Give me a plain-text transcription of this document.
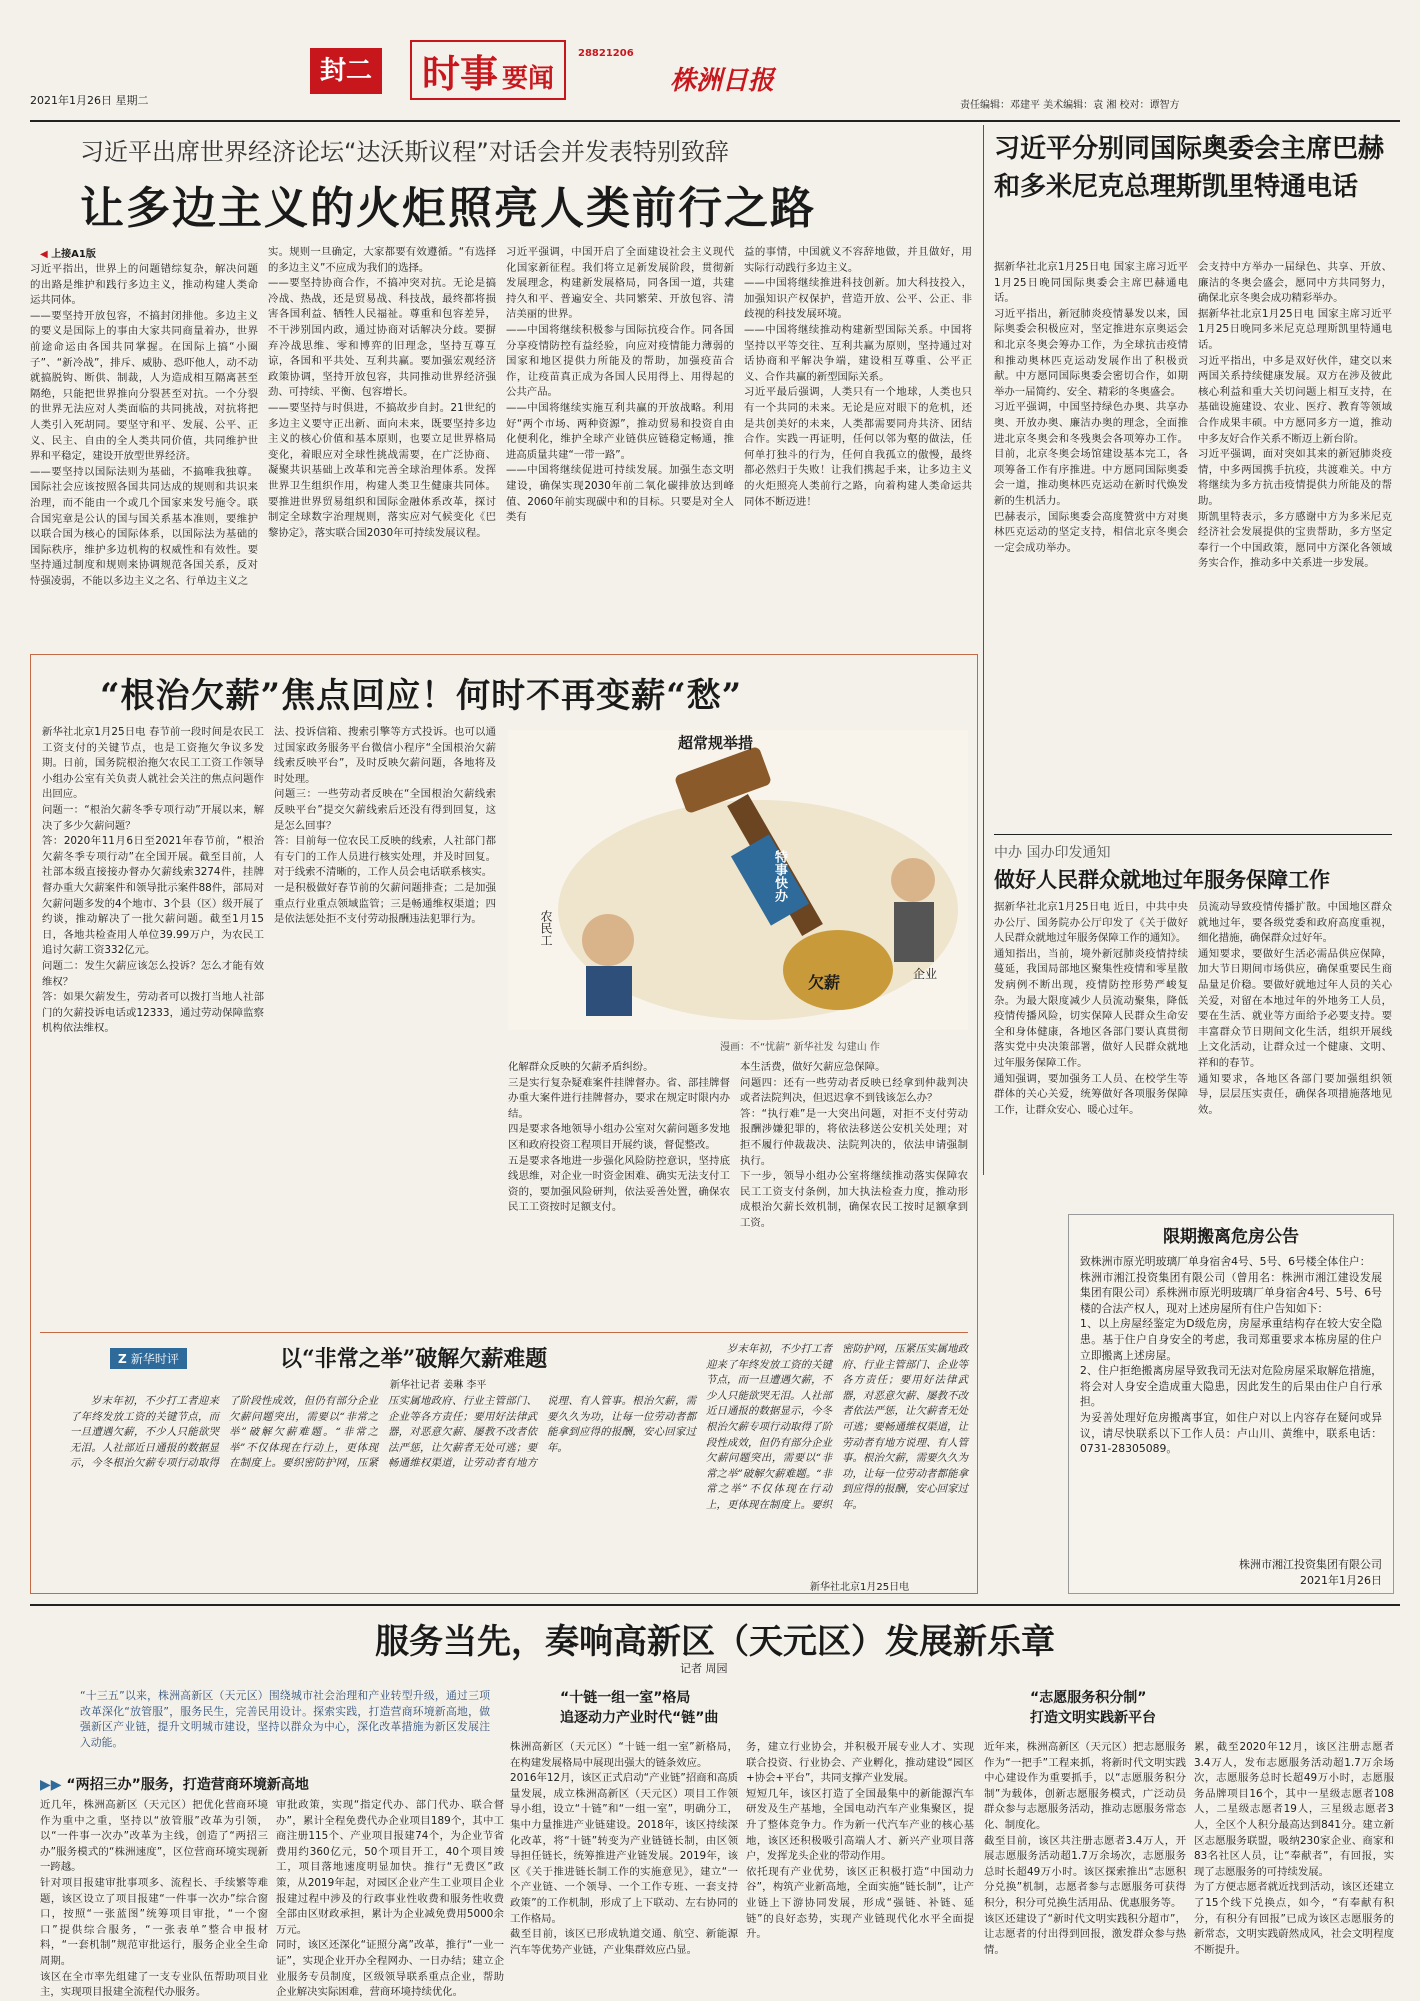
封二 时事 要闻
28821206
株洲日报
2021年1月26日 星期二	责任编辑：邓建平 美术编辑：袁 湘 校对：谭智方
习近平出席世界经济论坛“达沃斯议程”对话会并发表特别致辞
让多边主义的火炬照亮人类前行之路
◀ 上接A1版
习近平指出，世界上的问题错综复杂，解决问题的出路是维护和践行多边主义，推动构建人类命运共同体。
——要坚持开放包容，不搞封闭排他。多边主义的要义是国际上的事由大家共同商量着办，世界前途命运由各国共同掌握。在国际上搞“小圈子”、“新冷战”，排斥、威胁、恐吓他人，动不动就搞脱钩、断供、制裁，人为造成相互隔离甚至隔绝，只能把世界推向分裂甚至对抗。一个分裂的世界无法应对人类面临的共同挑战，对抗将把人类引入死胡同。要坚守和平、发展、公平、正义、民主、自由的全人类共同价值，共同维护世界和平稳定，建设开放型世界经济。
——要坚持以国际法则为基础，不搞唯我独尊。国际社会应该按照各国共同达成的规则和共识来治理，而不能由一个或几个国家来发号施令。联合国宪章是公认的国与国关系基本准则，要维护以联合国为核心的国际体系，以国际法为基础的国际秩序，维护多边机构的权威性和有效性。要坚持通过制度和规则来协调规范各国关系，反对恃强凌弱，不能以多边主义之名、行单边主义之
实。规则一旦确定，大家都要有效遵循。“有选择的多边主义”不应成为我们的选择。
——要坚持协商合作，不搞冲突对抗。无论是搞冷战、热战，还是贸易战、科技战，最终都将损害各国利益、牺牲人民福祉。尊重和包容差异，不干涉别国内政，通过协商对话解决分歧。要摒弃冷战思维、零和博弈的旧理念，坚持互尊互谅，各国和平共处、互利共赢。要加强宏观经济政策协调，坚持开放包容，共同推动世界经济强劲、可持续、平衡、包容增长。
——要坚持与时俱进，不搞故步自封。21世纪的多边主义要守正出新、面向未来，既要坚持多边主义的核心价值和基本原则，也要立足世界格局变化，着眼应对全球性挑战需要，在广泛协商、凝聚共识基础上改革和完善全球治理体系。发挥世界卫生组织作用，构建人类卫生健康共同体。要推进世界贸易组织和国际金融体系改革，探讨制定全球数字治理规则，落实应对气候变化《巴黎协定》，落实联合国2030年可持续发展议程。
习近平强调，中国开启了全面建设社会主义现代化国家新征程。我们将立足新发展阶段，贯彻新发展理念，构建新发展格局，同各国一道，共建持久和平、普遍安全、共同繁荣、开放包容、清洁美丽的世界。
——中国将继续积极参与国际抗疫合作。同各国分享疫情防控有益经验，向应对疫情能力薄弱的国家和地区提供力所能及的帮助，加强疫苗合作，让疫苗真正成为各国人民用得上、用得起的公共产品。
——中国将继续实施互利共赢的开放战略。利用好“两个市场、两种资源”，推动贸易和投资自由化便利化，维护全球产业链供应链稳定畅通，推进高质量共建“一带一路”。
——中国将继续促进可持续发展。加强生态文明建设，确保实现2030年前二氧化碳排放达到峰值、2060年前实现碳中和的目标。只要是对全人类有
益的事情，中国就义不容辞地做，并且做好，用实际行动践行多边主义。
——中国将继续推进科技创新。加大科技投入，加强知识产权保护，营造开放、公平、公正、非歧视的科技发展环境。
——中国将继续推动构建新型国际关系。中国将坚持以平等交往、互利共赢为原则，坚持通过对话协商和平解决争端，建设相互尊重、公平正义、合作共赢的新型国际关系。
习近平最后强调，人类只有一个地球，人类也只有一个共同的未来。无论是应对眼下的危机，还是共创美好的未来，人类都需要同舟共济、团结合作。实践一再证明，任何以邻为壑的做法，任何单打独斗的行为，任何自我孤立的傲慢，最终都必然归于失败！让我们携起手来，让多边主义的火炬照亮人类前行之路，向着构建人类命运共同体不断迈进！
习近平分别同国际奥委会主席巴赫和多米尼克总理斯凯里特通电话
据新华社北京1月25日电 国家主席习近平1月25日晚同国际奥委会主席巴赫通电话。
习近平指出，新冠肺炎疫情暴发以来，国际奥委会积极应对，坚定推进东京奥运会和北京冬奥会筹办工作，为全球抗击疫情和推动奥林匹克运动发展作出了积极贡献。中方愿同国际奥委会密切合作，如期举办一届简约、安全、精彩的冬奥盛会。
习近平强调，中国坚持绿色办奥、共享办奥、开放办奥、廉洁办奥的理念，全面推进北京冬奥会和冬残奥会各项筹办工作。目前，北京冬奥会场馆建设基本完工，各项筹备工作有序推进。中方愿同国际奥委会一道，推动奥林匹克运动在新时代焕发新的生机活力。
巴赫表示，国际奥委会高度赞赏中方对奥林匹克运动的坚定支持，相信北京冬奥会一定会成功举办。
会支持中方举办一届绿色、共享、开放、廉洁的冬奥会盛会，愿同中方共同努力，确保北京冬奥会成功精彩举办。
据新华社北京1月25日电 国家主席习近平1月25日晚同多米尼克总理斯凯里特通电话。
习近平指出，中多是双好伙伴，建交以来两国关系持续健康发展。双方在涉及彼此核心利益和重大关切问题上相互支持，在基础设施建设、农业、医疗、教育等领域合作成果丰硕。中方愿同多方一道，推动中多友好合作关系不断迈上新台阶。
习近平强调，面对突如其来的新冠肺炎疫情，中多两国携手抗疫，共渡难关。中方将继续为多方抗击疫情提供力所能及的帮助。
斯凯里特表示，多方感谢中方为多米尼克经济社会发展提供的宝贵帮助，多方坚定奉行一个中国政策，愿同中方深化各领域务实合作，推动多中关系进一步发展。
中办 国办印发通知
做好人民群众就地过年服务保障工作
据新华社北京1月25日电 近日，中共中央办公厅、国务院办公厅印发了《关于做好人民群众就地过年服务保障工作的通知》。
通知指出，当前，境外新冠肺炎疫情持续蔓延，我国局部地区聚集性疫情和零星散发病例不断出现，疫情防控形势严峻复杂。为最大限度减少人员流动聚集，降低疫情传播风险，切实保障人民群众生命安全和身体健康，各地区各部门要认真贯彻落实党中央决策部署，做好人民群众就地过年服务保障工作。
通知强调，要加强务工人员、在校学生等群体的关心关爱，统筹做好各项服务保障工作，让群众安心、暖心过年。
员流动导致疫情传播扩散。中国地区群众就地过年，要各级党委和政府高度重视，细化措施，确保群众过好年。
通知要求，要做好生活必需品供应保障，加大节日期间市场供应，确保重要民生商品量足价稳。要做好就地过年人员的关心关爱，对留在本地过年的外地务工人员，要在生活、就业等方面给予必要支持。要丰富群众节日期间文化生活，组织开展线上文化活动，让群众过一个健康、文明、祥和的春节。
通知要求，各地区各部门要加强组织领导，层层压实责任，确保各项措施落地见效。
限期搬离危房公告
致株洲市原光明玻璃厂单身宿舍4号、5号、6号楼全体住户：
株洲市湘江投资集团有限公司（曾用名：株洲市湘江建设发展集团有限公司）系株洲市原光明玻璃厂单身宿舍4号、5号、6号楼的合法产权人，现对上述房屋所有住户告知如下：
1、以上房屋经鉴定为D级危房，房屋承重结构存在较大安全隐患。基于住户自身安全的考虑，我司郑重要求本栋房屋的住户立即搬离上述房屋。
2、住户拒绝搬离房屋导致我司无法对危险房屋采取解危措施，将会对人身安全造成重大隐患，因此发生的后果由住户自行承担。
为妥善处理好危房搬离事宜，如住户对以上内容存在疑问或异议，请尽快联系以下工作人员：卢山川、黄维中，联系电话：0731-28305089。
株洲市湘江投资集团有限公司
2021年1月26日
“根治欠薪”焦点回应！何时不再变薪“愁”
新华社北京1月25日电 春节前一段时间是农民工工资支付的关键节点，也是工资拖欠争议多发期。日前，国务院根治拖欠农民工工资工作领导小组办公室有关负责人就社会关注的焦点问题作出回应。
问题一：“根治欠薪冬季专项行动”开展以来，解决了多少欠薪问题？
答：2020年11月6日至2021年春节前，“根治欠薪冬季专项行动”在全国开展。截至目前，人社部本级直接接办督办欠薪线索3274件，挂牌督办重大欠薪案件和领导批示案件88件，部局对欠薪问题多发的4个地市、3个县（区）级开展了约谈，推动解决了一批欠薪问题。截至1月15日，各地共检查用人单位39.99万户，为农民工追讨欠薪工资332亿元。
问题二：发生欠薪应该怎么投诉？怎么才能有效维权？
答：如果欠薪发生，劳动者可以拨打当地人社部门的欠薪投诉电话或12333，通过劳动保障监察机构依法维权。
法、投诉信箱、搜索引擎等方式投诉。也可以通过国家政务服务平台微信小程序“全国根治欠薪线索反映平台”，及时反映欠薪问题，各地将及时处理。
问题三：一些劳动者反映在“全国根治欠薪线索反映平台”提交欠薪线索后还没有得到回复，这是怎么回事？
答：目前每一位农民工反映的线索，人社部门都有专门的工作人员进行核实处理，并及时回复。对于线索不清晰的，工作人员会电话联系核实。
一是积极做好春节前的欠薪问题排查；二是加强重点行业重点领域监管；三是畅通维权渠道；四是依法惩处拒不支付劳动报酬违法犯罪行为。
超常规举措
特事快办
农民工
欠薪	企业
漫画：不“忧薪” 新华社发 勾建山 作
化解群众反映的欠薪矛盾纠纷。
三是实行复杂疑难案件挂牌督办。省、部挂牌督办重大案件进行挂牌督办，要求在规定时限内办结。
四是要求各地领导小组办公室对欠薪问题多发地区和政府投资工程项目开展约谈，督促整改。
五是要求各地进一步强化风险防控意识，坚持底线思维，对企业一时资金困难、确实无法支付工资的，要加强风险研判，依法妥善处置，确保农民工工资按时足额支付。
本生活费，做好欠薪应急保障。
问题四：还有一些劳动者反映已经拿到仲裁判决或者法院判决，但迟迟拿不到钱该怎么办？
答：“执行难”是一大突出问题，对拒不支付劳动报酬涉嫌犯罪的，将依法移送公安机关处理；对拒不履行仲裁裁决、法院判决的，依法申请强制执行。
下一步，领导小组办公室将继续推动落实保障农民工工资支付条例，加大执法检查力度，推动形成根治欠薪长效机制，确保农民工按时足额拿到工资。
Z 新华时评	以“非常之举”破解欠薪难题
新华社记者 姜琳 李平
岁末年初，不少打工者迎来了年终发放工资的关键节点，而一旦遭遇欠薪，不少人只能欲哭无泪。人社部近日通报的数据显示，今冬根治欠薪专项行动取得了阶段性成效，但仍有部分企业欠薪问题突出，需要以“非常之举”破解欠薪难题。“非常之举”不仅体现在行动上，更体现在制度上。要织密防护网，压紧压实属地政府、行业主管部门、企业等各方责任；要用好法律武器，对恶意欠薪、屡教不改者依法严惩，让欠薪者无处可逃；要畅通维权渠道，让劳动者有地方说理、有人管事。根治欠薪，需要久久为功，让每一位劳动者都能拿到应得的报酬，安心回家过年。
岁末年初，不少打工者迎来了年终发放工资的关键节点，而一旦遭遇欠薪，不少人只能欲哭无泪。人社部近日通报的数据显示，今冬根治欠薪专项行动取得了阶段性成效，但仍有部分企业欠薪问题突出，需要以“非常之举”破解欠薪难题。“非常之举”不仅体现在行动上，更体现在制度上。要织密防护网，压紧压实属地政府、行业主管部门、企业等各方责任；要用好法律武器，对恶意欠薪、屡教不改者依法严惩，让欠薪者无处可逃；要畅通维权渠道，让劳动者有地方说理、有人管事。根治欠薪，需要久久为功，让每一位劳动者都能拿到应得的报酬，安心回家过年。
新华社北京1月25日电
服务当先，奏响高新区（天元区）发展新乐章
记者 周园
“十三五”以来，株洲高新区（天元区）围绕城市社会治理和产业转型升级，通过三项改革深化“放管服”，服务民生，完善民用设计。探索实践，打造营商环境新高地，做强新区产业链，提升文明城市建设，坚持以群众为中心，深化改革措施为新区发展注入动能。
▶▶ “两招三办”服务，打造营商环境新高地
近几年，株洲高新区（天元区）把优化营商环境作为重中之重，坚持以“放管服”改革为引领，以“一件事一次办”改革为主线，创造了“两招三办”服务模式的“株洲速度”，区位营商环境实现新一跨越。
针对项目报建审批事项多、流程长、手续繁等难题，该区设立了项目报建“一件事一次办”综合窗口，按照“一张蓝图”统筹项目审批，“一个窗口”提供综合服务，“一张表单”整合申报材料，“一套机制”规范审批运行，服务企业全生命周期。
该区在全市率先组建了一支专业队伍帮助项目业主，实现项目报建全流程代办服务。
审批政策，实现“指定代办、部门代办、联合督办”，累计全程免费代办企业项目189个，其中工商注册115个、产业项目报建74个，为企业节省费用约360亿元，50个项目开工，40个项目竣工，项目落地速度明显加快。推行“无费区”政策，从2019年起，对园区企业产生工业项目企业报建过程中涉及的行政事业性收费和服务性收费全部由区财政承担，累计为企业减免费用5000余万元。
同时，该区还深化“证照分离”改革，推行“一业一证”，实现企业开办全程网办、一日办结；建立企业服务专员制度，区级领导联系重点企业，帮助企业解决实际困难，营商环境持续优化。
“十链一组一室”格局
追逐动力产业时代“链”曲
株洲高新区（天元区）“十链一组一室”新格局，在构建发展格局中展现出强大的链条效应。
2016年12月，该区正式启动“产业链”招商和高质量发展，成立株洲高新区（天元区）项目工作领导小组，设立“十链”和“一组一室”，明确分工，集中力量推进产业链建设。2018年，该区持续深化改革，将“十链”转变为产业链链长制，由区领导担任链长，统筹推进产业链发展。2019年，该区《关于推进链长制工作的实施意见》，建立“一个产业链、一个领导、一个工作专班、一套支持政策”的工作机制，形成了上下联动、左右协同的工作格局。
截至目前，该区已形成轨道交通、航空、新能源汽车等优势产业链，产业集群效应凸显。
务，建立行业协会，并积极开展专业人才、实现联合投资、行业协会、产业孵化，推动建设“园区+协会+平台”，共同支撑产业发展。
短短几年，该区打造了全国最集中的新能源汽车研发及生产基地，全国电动汽车产业集聚区，提升了整体竞争力。作为新一代汽车产业的核心基地，该区还积极吸引高端人才、新兴产业项目落户，发挥龙头企业的带动作用。
依托现有产业优势，该区正积极打造“中国动力谷”，构筑产业新高地，全面实施“链长制”，让产业链上下游协同发展，形成“强链、补链、延链”的良好态势，实现产业链现代化水平全面提升。
“志愿服务积分制”
打造文明实践新平台
近年来，株洲高新区（天元区）把志愿服务作为“一把手”工程来抓，将新时代文明实践中心建设作为重要抓手，以“志愿服务积分制”为载体，创新志愿服务模式，广泛动员群众参与志愿服务活动，推动志愿服务常态化、制度化。
截至目前，该区共注册志愿者3.4万人，开展志愿服务活动超1.7万余场次，志愿服务总时长超49万小时。该区探索推出“志愿积分兑换”机制，志愿者参与志愿服务可获得积分，积分可兑换生活用品、优惠服务等。
该区还建设了“新时代文明实践积分超市”，让志愿者的付出得到回报，激发群众参与热情。
累，截至2020年12月，该区注册志愿者3.4万人，发布志愿服务活动超1.7万余场次，志愿服务总时长超49万小时，志愿服务品牌项目16个，其中一星级志愿者108人，二星级志愿者19人，三星级志愿者3人，全区个人积分最高达到841分。建立新区志愿服务联盟，吸纳230家企业、商家和83名社区人员，让“奉献者”，有回报，实现了志愿服务的可持续发展。
为了方便志愿者就近找到活动，该区还建立了15个线下兑换点，如今，“有奉献有积分，有积分有回报”已成为该区志愿服务的新常态，文明实践蔚然成风，社会文明程度不断提升。
